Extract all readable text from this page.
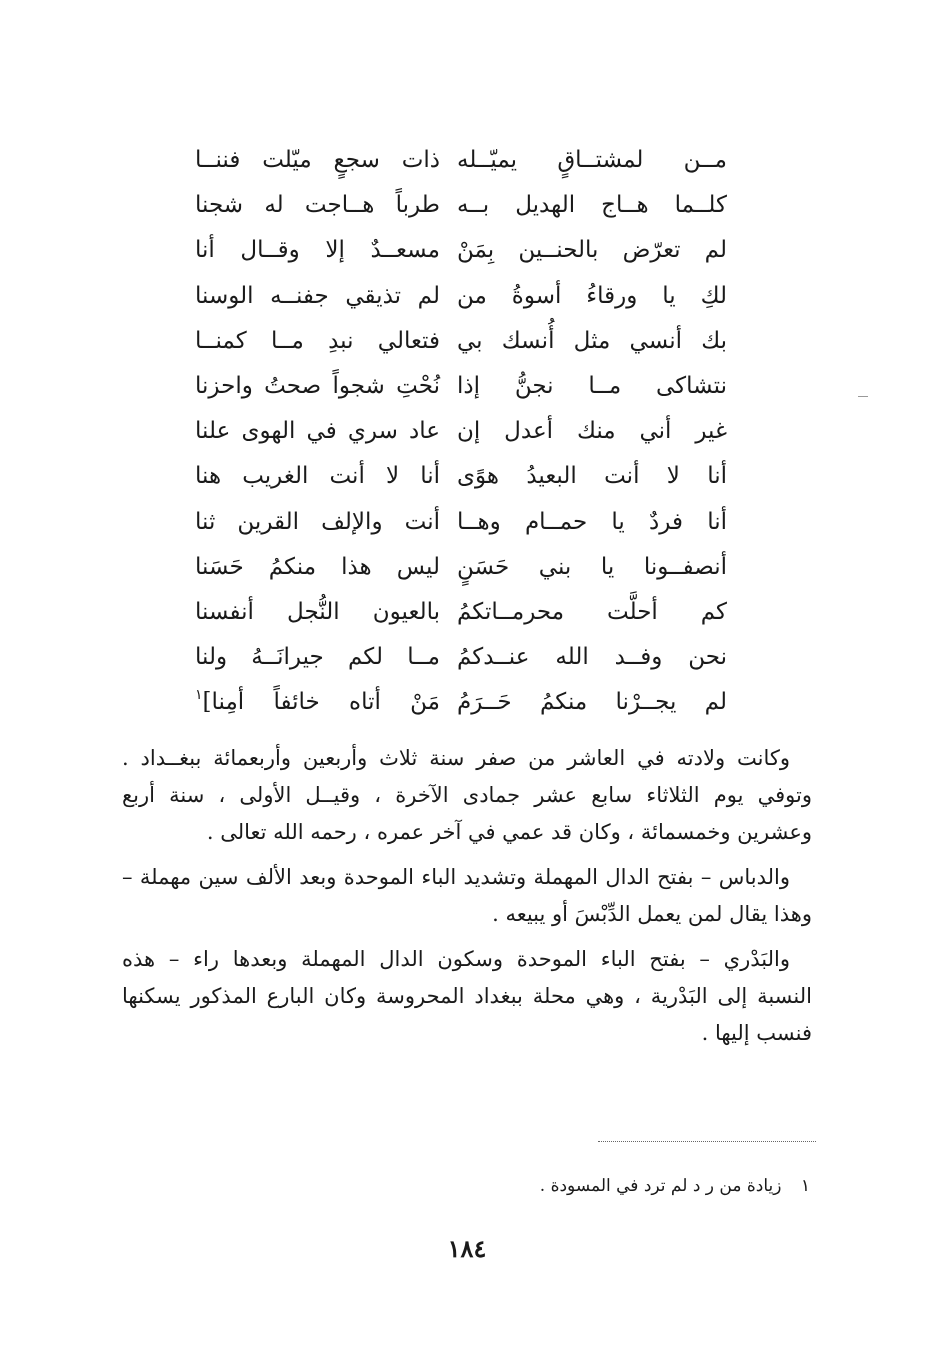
مــن لمشتــاقٍ يميّــله
ذات سجعٍ ميّلت فننــا
كلــما هــاج الهديل بــه
طرباً هــاجت له شجنا
لم تعرّض بالحنــين بِمَنْ
مسعــدٌ إلا وقــال أنا
لكِ يا ورقاءُ أسوةُ من
لم تذيقي جفنــه الوسنا
بك أنسي مثل أُنسك بي
فتعالي نبدِ مــا كمنــا
نتشاكى مــا نجنُّ إذا
نُحْتِ شجواً صحتُ واحزنا
غير أني منك أعدل إن
عاد سري في الهوى علنا
أنا لا أنت البعيدُ هوًى
أنا لا أنت الغريب هنا
أنا فردٌ يا حمــام وهــا
أنت والإلف القرين ثنا
أنصفــونا يا بني حَسَنٍ
ليس هذا منكمُ حَسَنا
كم أحلَّت محرمــاتكمُ
بالعيون النُّجل أنفسنا
نحن وفــد الله عنــدكمُ
مــا لكم جيرانَــهُ ولنا
لم يجــرْنا منكمُ حَــرَمُ
مَنْ أتاه خائفاً أمِنا]$^١$
وكانت ولادته في العاشر من صفر سنة ثلاث وأربعين وأربعمائة ببغــداد .
وتوفي يوم الثلاثاء سابع عشر جمادى الآخرة ، وقيــل الأولى ، سنة أربع
وعشرين وخمسمائة ، وكان قد عمي في آخر عمره ، رحمه الله تعالى .
والدباس – بفتح الدال المهملة وتشديد الباء الموحدة وبعد الألف سين مهملة –
وهذا يقال لمن يعمل الدِّبْسَ أو يبيعه .
والبَدْري – بفتح الباء الموحدة وسكون الدال المهملة وبعدها راء – هذه
النسبة إلى البَدْرية ، وهي محلة ببغداد المحروسة وكان البارع المذكور يسكنها
فنسب إليها .
١ زيادة من ر د لم ترد في المسودة .
١٨٤
